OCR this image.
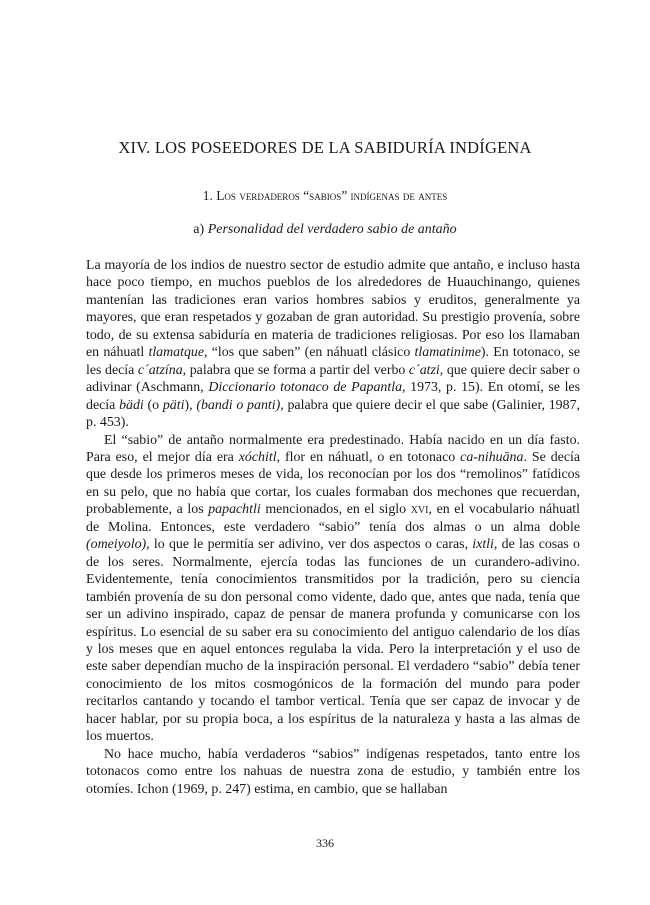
XIV. LOS POSEEDORES DE LA SABIDURÍA INDÍGENA
1. Los verdaderos “sabios” indígenas de antes
a) Personalidad del verdadero sabio de antaño

La mayoría de los indios de nuestro sector de estudio admite que antaño, e incluso hasta hace poco tiempo, en muchos pueblos de los alrededores de Huauchinango, quienes mantenían las tradiciones eran varios hombres sabios y eruditos, generalmente ya mayores, que eran respetados y gozaban de gran autoridad. Su prestigio provenía, sobre todo, de su extensa sabiduría en materia de tradiciones religiosas. Por eso los llamaban en náhuatl tlamatque, “los que saben” (en náhuatl clásico tlamatinime). En totonaco, se les decía c´atzína, palabra que se forma a partir del verbo c´atzi, que quiere decir saber o adivinar (Aschmann, Diccionario totonaco de Papantla, 1973, p. 15). En otomí, se les decía bädi (o päti), (bandi o panti), palabra que quiere decir el que sabe (Galinier, 1987, p. 453).

El “sabio” de antaño normalmente era predestinado. Había nacido en un día fasto. Para eso, el mejor día era xóchitl, flor en náhuatl, o en totonaco ca-nihuāna. Se decía que desde los primeros meses de vida, los reconocían por los dos “remolinos” fatídicos en su pelo, que no había que cortar, los cuales formaban dos mechones que recuerdan, probablemente, a los papachtli mencionados, en el siglo xvi, en el vocabulario náhuatl de Molina. Entonces, este verdadero “sabio” tenía dos almas o un alma doble (omeiyolo), lo que le permitía ser adivino, ver dos aspectos o caras, ixtli, de las cosas o de los seres. Normalmente, ejercía todas las funciones de un curandero-adivino. Evidentemente, tenía conocimientos transmitidos por la tradición, pero su ciencia también provenía de su don personal como vidente, dado que, antes que nada, tenía que ser un adivino inspirado, capaz de pensar de manera profunda y comunicarse con los espíritus. Lo esencial de su saber era su conocimiento del antiguo calendario de los días y los meses que en aquel entonces regulaba la vida. Pero la interpretación y el uso de este saber dependían mucho de la inspiración personal. El verdadero “sabio” debía tener conocimiento de los mitos cosmogónicos de la formación del mundo para poder recitarlos cantando y tocando el tambor vertical. Tenía que ser capaz de invocar y de hacer hablar, por su propia boca, a los espíritus de la naturaleza y hasta a las almas de los muertos.

No hace mucho, había verdaderos “sabios” indígenas respetados, tanto entre los totonacos como entre los nahuas de nuestra zona de estudio, y también entre los otomíes. Ichon (1969, p. 247) estima, en cambio, que se hallaban

336
